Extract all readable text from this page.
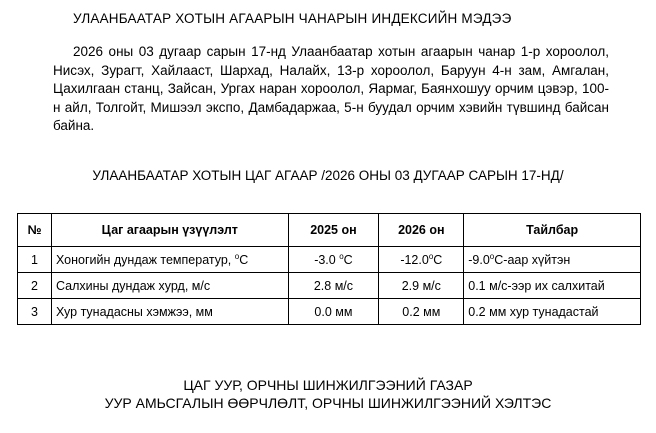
УЛААНБААТАР ХОТЫН АГААРЫН ЧАНАРЫН ИНДЕКСИЙН МЭДЭЭ

2026 оны 03 дугаар сарын 17-нд Улаанбаатар хотын агаарын чанар 1-р хороолол, Нисэх, Зурагт, Хайлааст, Шархад, Налайх, 13-р хороолол, Баруун 4-н зам, Амгалан, Цахилгаан станц, Зайсан, Ургах наран хороолол, Яармаг, Баянхошуу орчим цэвэр, 100-н айл, Толгойт, Мишээл экспо, Дамбадаржаа, 5-н буудал орчим хэвийн түвшинд байсан байна.

УЛААНБААТАР ХОТЫН ЦАГ АГААР /2026 ОНЫ 03 ДУГААР САРЫН 17-НД/
№	Цаг агаарын үзүүлэлт	2025 он	2026 он	Тайлбар
1	Хоногийн дундаж температур, $^o$C	-3.0 $^o$C	-12.0$^o$C	-9.0$^o$С-аар хүйтэн
2	Салхины дундаж хурд, м/с	2.8 м/с	2.9 м/с	0.1 м/с-ээр их салхитай
3	Хур тунадасны хэмжээ, мм	0.0 мм	0.2 мм	0.2 мм хур тунадастай
ЦАГ УУР, ОРЧНЫ ШИНЖИЛГЭЭНИЙ ГАЗАР
УУР АМЬСГАЛЫН ӨӨРЧЛӨЛТ, ОРЧНЫ ШИНЖИЛГЭЭНИЙ ХЭЛТЭС
